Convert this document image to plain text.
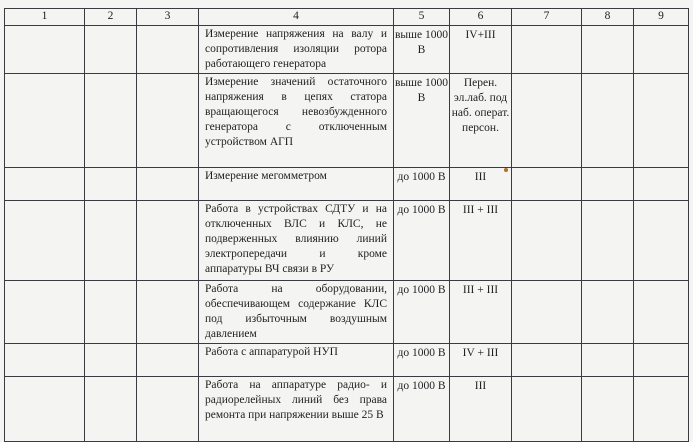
1	2	3	4	5	6	7	8	9
			Измерение напряжения на валу и сопротивления изоляции ротора работающего генератора	выше 1000 В	IV+III			
			Измерение значений остаточного напряжения в цепях статора вращающегося невозбужденного генератора с отключенным устройством АГП	выше 1000 В	Перен. эл.лаб. под наб. операт. персон.			
			Измерение мегомметром	до 1000 В	III			
			Работа в устройствах СДТУ и на отключенных ВЛС и КЛС, не подверженных влиянию линий электропередачи и кроме аппаратуры ВЧ связи в РУ	до 1000 В	III + III			
			Работа на оборудовании, обеспечивающем содержание КЛС под избыточным воздушным давлением	до 1000 В	III + III			
			Работа с аппаратурой НУП	до 1000 В	IV + III			
			Работа на аппаратуре радио- и радиорелейных линий без права ремонта при напряжении выше 25 В	до 1000 В	III			
